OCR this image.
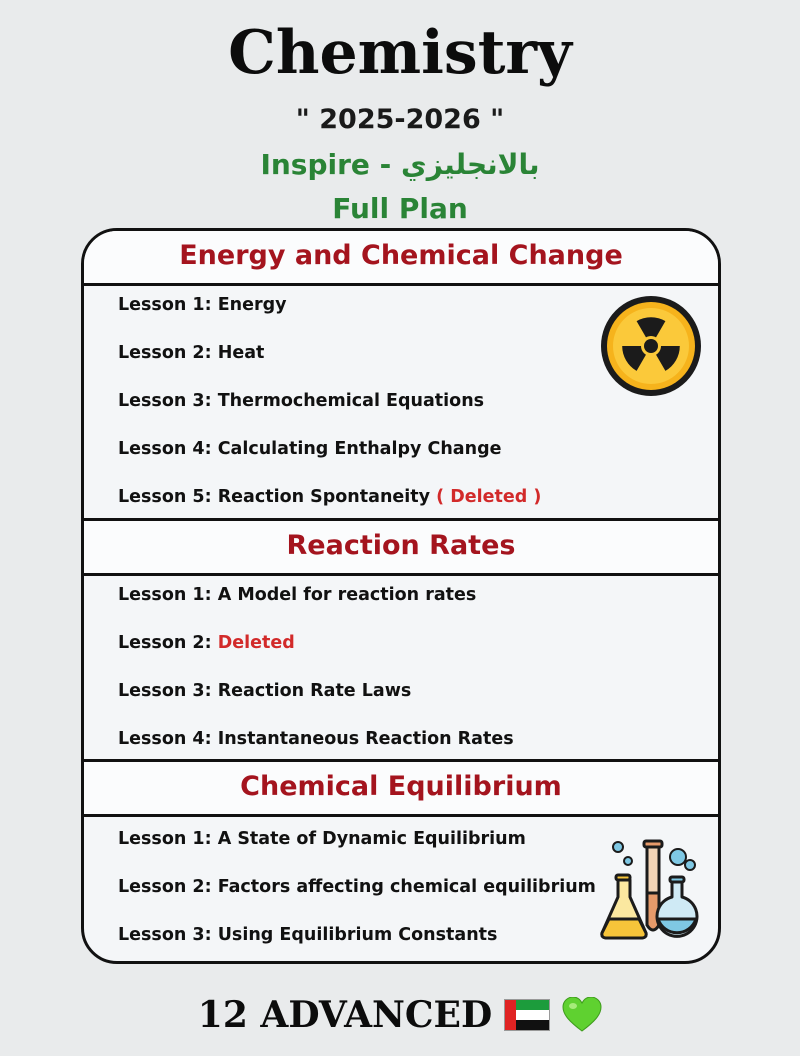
Chemistry
" 2025-2026 "
Inspire - بالانجليزي
Full Plan
Energy and Chemical Change
Lesson 1: Energy
Lesson 2: Heat
Lesson 3: Thermochemical Equations
Lesson 4: Calculating Enthalpy Change
Lesson 5: Reaction Spontaneity ( Deleted )
Reaction Rates
Lesson 1: A Model for reaction rates
Lesson 2: Deleted
Lesson 3: Reaction Rate Laws
Lesson 4: Instantaneous Reaction Rates
Chemical Equilibrium
Lesson 1: A State of Dynamic Equilibrium
Lesson 2: Factors affecting chemical equilibrium
Lesson 3: Using Equilibrium Constants
12 ADVANCED
